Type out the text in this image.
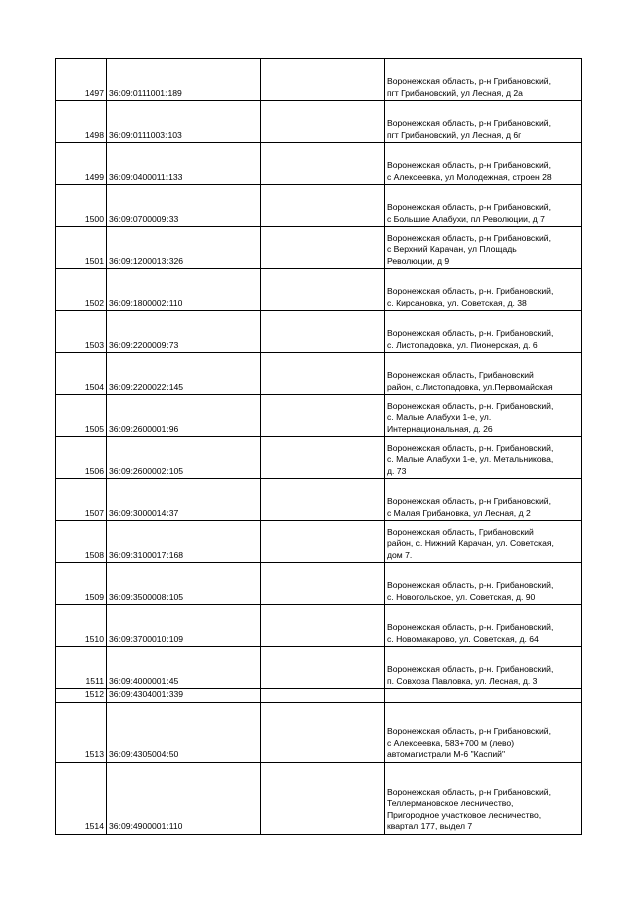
1497	36:09:0111001:189		Воронежская область, р-н Грибановский,
пгт Грибановский, ул Лесная, д 2а

1498	36:09:0111003:103		Воронежская область, р-н Грибановский,
пгт Грибановский, ул Лесная, д 6г

1499	36:09:0400011:133		Воронежская область, р-н Грибановский,
с Алексеевка, ул Молодежная, строен 28

1500	36:09:0700009:33		Воронежская область, р-н Грибановский,
с Большие Алабухи, пл Революции, д 7

1501	36:09:1200013:326		Воронежская область, р-н Грибановский,
с Верхний Карачан, ул Площадь
Революции, д 9

1502	36:09:1800002:110		Воронежская область, р-н. Грибановский,
с. Кирсановка, ул. Советская, д. 38

1503	36:09:2200009:73		Воронежская область, р-н. Грибановский,
с. Листопадовка, ул. Пионерская, д. 6

1504	36:09:2200022:145		Воронежская область, Грибановский
район, с.Листопадовка, ул.Первомайская

1505	36:09:2600001:96		Воронежская область, р-н. Грибановский,
с. Малые Алабухи 1-е, ул.
Интернациональная, д. 26

1506	36:09:2600002:105		Воронежская область, р-н. Грибановский,
с. Малые Алабухи 1-е, ул. Метальникова,
д. 73

1507	36:09:3000014:37		Воронежская область, р-н Грибановский,
с Малая Грибановка, ул Лесная, д 2

1508	36:09:3100017:168		Воронежская область, Грибановский
район, с. Нижний Карачан, ул. Советская,
дом 7.

1509	36:09:3500008:105		Воронежская область, р-н. Грибановский,
с. Новогольское, ул. Советская, д. 90

1510	36:09:3700010:109		Воронежская область, р-н. Грибановский,
с. Новомакарово, ул. Советская, д. 64

1511	36:09:4000001:45		Воронежская область, р-н. Грибановский,
п. Совхоза Павловка, ул. Лесная, д. 3

1512	36:09:4304001:339		
1513	36:09:4305004:50		Воронежская область, р-н Грибановский,
с Алексеевка, 583+700 м (лево)
автомагистрали М-6 "Каспий"

1514	36:09:4900001:110		Воронежская область, р-н Грибановский,
Теллермановское лесничество,
Пригородное участковое лесничество,
квартал 177, выдел 7
